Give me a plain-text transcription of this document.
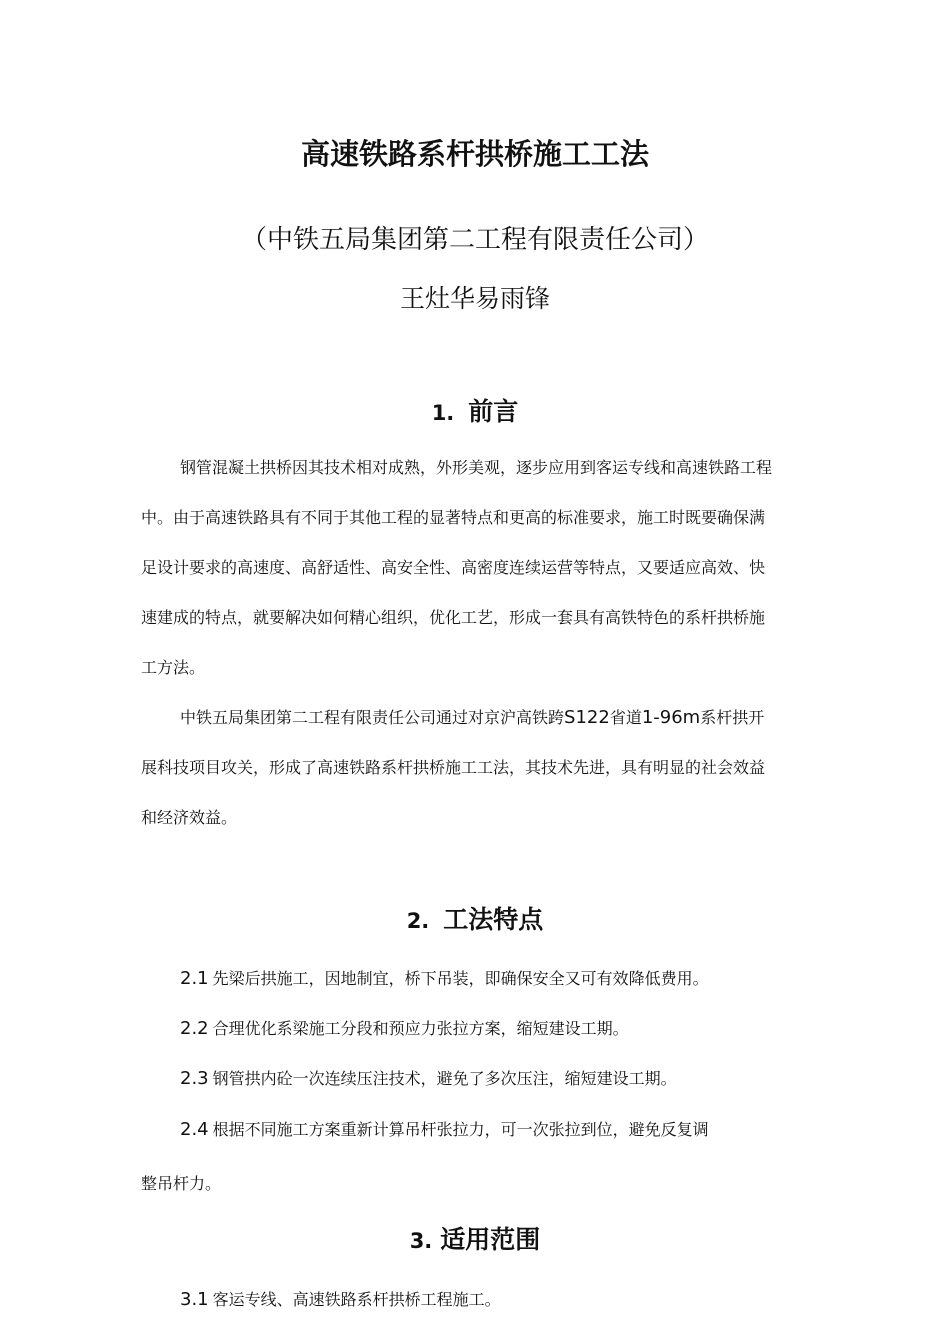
高速铁路系杆拱桥施工工法
（中铁五局集团第二工程有限责任公司）
王灶华易雨锋
1. 前言
钢管混凝土拱桥因其技术相对成熟，外形美观，逐步应用到客运专线和高速铁路工程
中。由于高速铁路具有不同于其他工程的显著特点和更高的标准要求，施工时既要确保满
足设计要求的高速度、高舒适性、高安全性、高密度连续运营等特点，又要适应高效、快
速建成的特点，就要解决如何精心组织，优化工艺，形成一套具有高铁特色的系杆拱桥施
工方法。
中铁五局集团第二工程有限责任公司通过对京沪高铁跨S122省道1-96m系杆拱开
展科技项目攻关，形成了高速铁路系杆拱桥施工工法，其技术先进，具有明显的社会效益
和经济效益。
2. 工法特点
2.1 先梁后拱施工，因地制宜，桥下吊装，即确保安全又可有效降低费用。
2.2 合理优化系梁施工分段和预应力张拉方案，缩短建设工期。
2.3 钢管拱内砼一次连续压注技术，避免了多次压注，缩短建设工期。
2.4 根据不同施工方案重新计算吊杆张拉力，可一次张拉到位，避免反复调
整吊杆力。
3. 适用范围
3.1 客运专线、高速铁路系杆拱桥工程施工。
